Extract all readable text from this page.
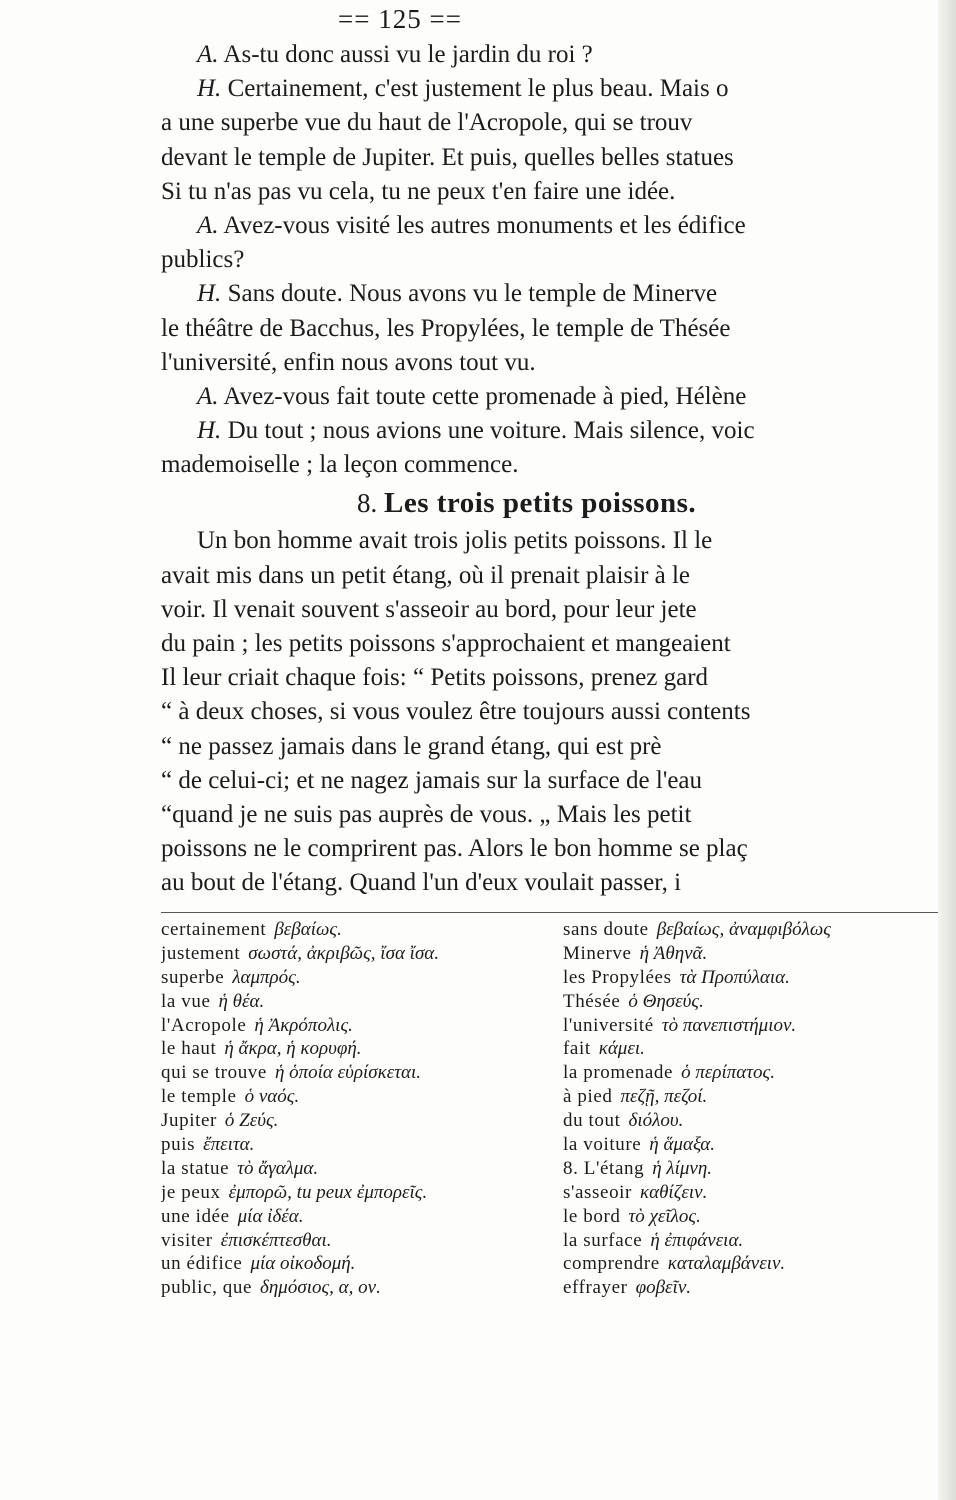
== 125 ==
A. As-tu donc aussi vu le jardin du roi ?
H. Certainement, c'est justement le plus beau. Mais o
a une superbe vue du haut de l'Acropole, qui se trouv
devant le temple de Jupiter. Et puis, quelles belles statues
Si tu n'as pas vu cela, tu ne peux t'en faire une idée.
A. Avez-vous visité les autres monuments et les édifice
publics?
H. Sans doute. Nous avons vu le temple de Minerve
le théâtre de Bacchus, les Propylées, le temple de Thésée
l'université, enfin nous avons tout vu.
A. Avez-vous fait toute cette promenade à pied, Hélène
H. Du tout ; nous avions une voiture. Mais silence, voic
mademoiselle ; la leçon commence.
8. Les trois petits poissons.
Un bon homme avait trois jolis petits poissons. Il le
avait mis dans un petit étang, où il prenait plaisir à le
voir. Il venait souvent s'asseoir au bord, pour leur jete
du pain ; les petits poissons s'approchaient et mangeaient
Il leur criait chaque fois: “ Petits poissons, prenez gard
“ à deux choses, si vous voulez être toujours aussi contents
“ ne passez jamais dans le grand étang, qui est prè
“ de celui-ci; et ne nagez jamais sur la surface de l'eau
“quand je ne suis pas auprès de vous. „ Mais les petit
poissons ne le comprirent pas. Alors le bon homme se plaç
au bout de l'étang. Quand l'un d'eux voulait passer, i
certainement βεβαίως.
justement σωστά, ἀκριβῶς, ἴσα ἴσα.
superbe λαμπρός.
la vue ἡ θέα.
l'Acropole ἡ Ἀκρόπολις.
le haut ἡ ἄκρα, ἡ κορυφή.
qui se trouve ἡ ὁποία εὑρίσκεται.
le temple ὁ ναός.
Jupiter ὁ Ζεύς.
puis ἔπειτα.
la statue τὸ ἄγαλμα.
je peux ἐμπορῶ, tu peux ἐμπορεῖς.
une idée μία ἰδέα.
visiter ἐπισκέπτεσθαι.
un édifice μία οἰκοδομή.
public, que δημόσιος, α, ον.
sans doute βεβαίως, ἀναμφιβόλως
Minerve ἡ Ἀθηνᾶ.
les Propylées τὰ Προπύλαια.
Thésée ὁ Θησεύς.
l'université τὸ πανεπιστήμιον.
fait κάμει.
la promenade ὁ περίπατος.
à pied πεζῇ, πεζοί.
du tout διόλου.
la voiture ἡ ἅμαξα.
8. L'étang ἡ λίμνη.
s'asseoir καθίζειν.
le bord τὸ χεῖλος.
la surface ἡ ἐπιφάνεια.
comprendre καταλαμβάνειν.
effrayer φοβεῖν.
